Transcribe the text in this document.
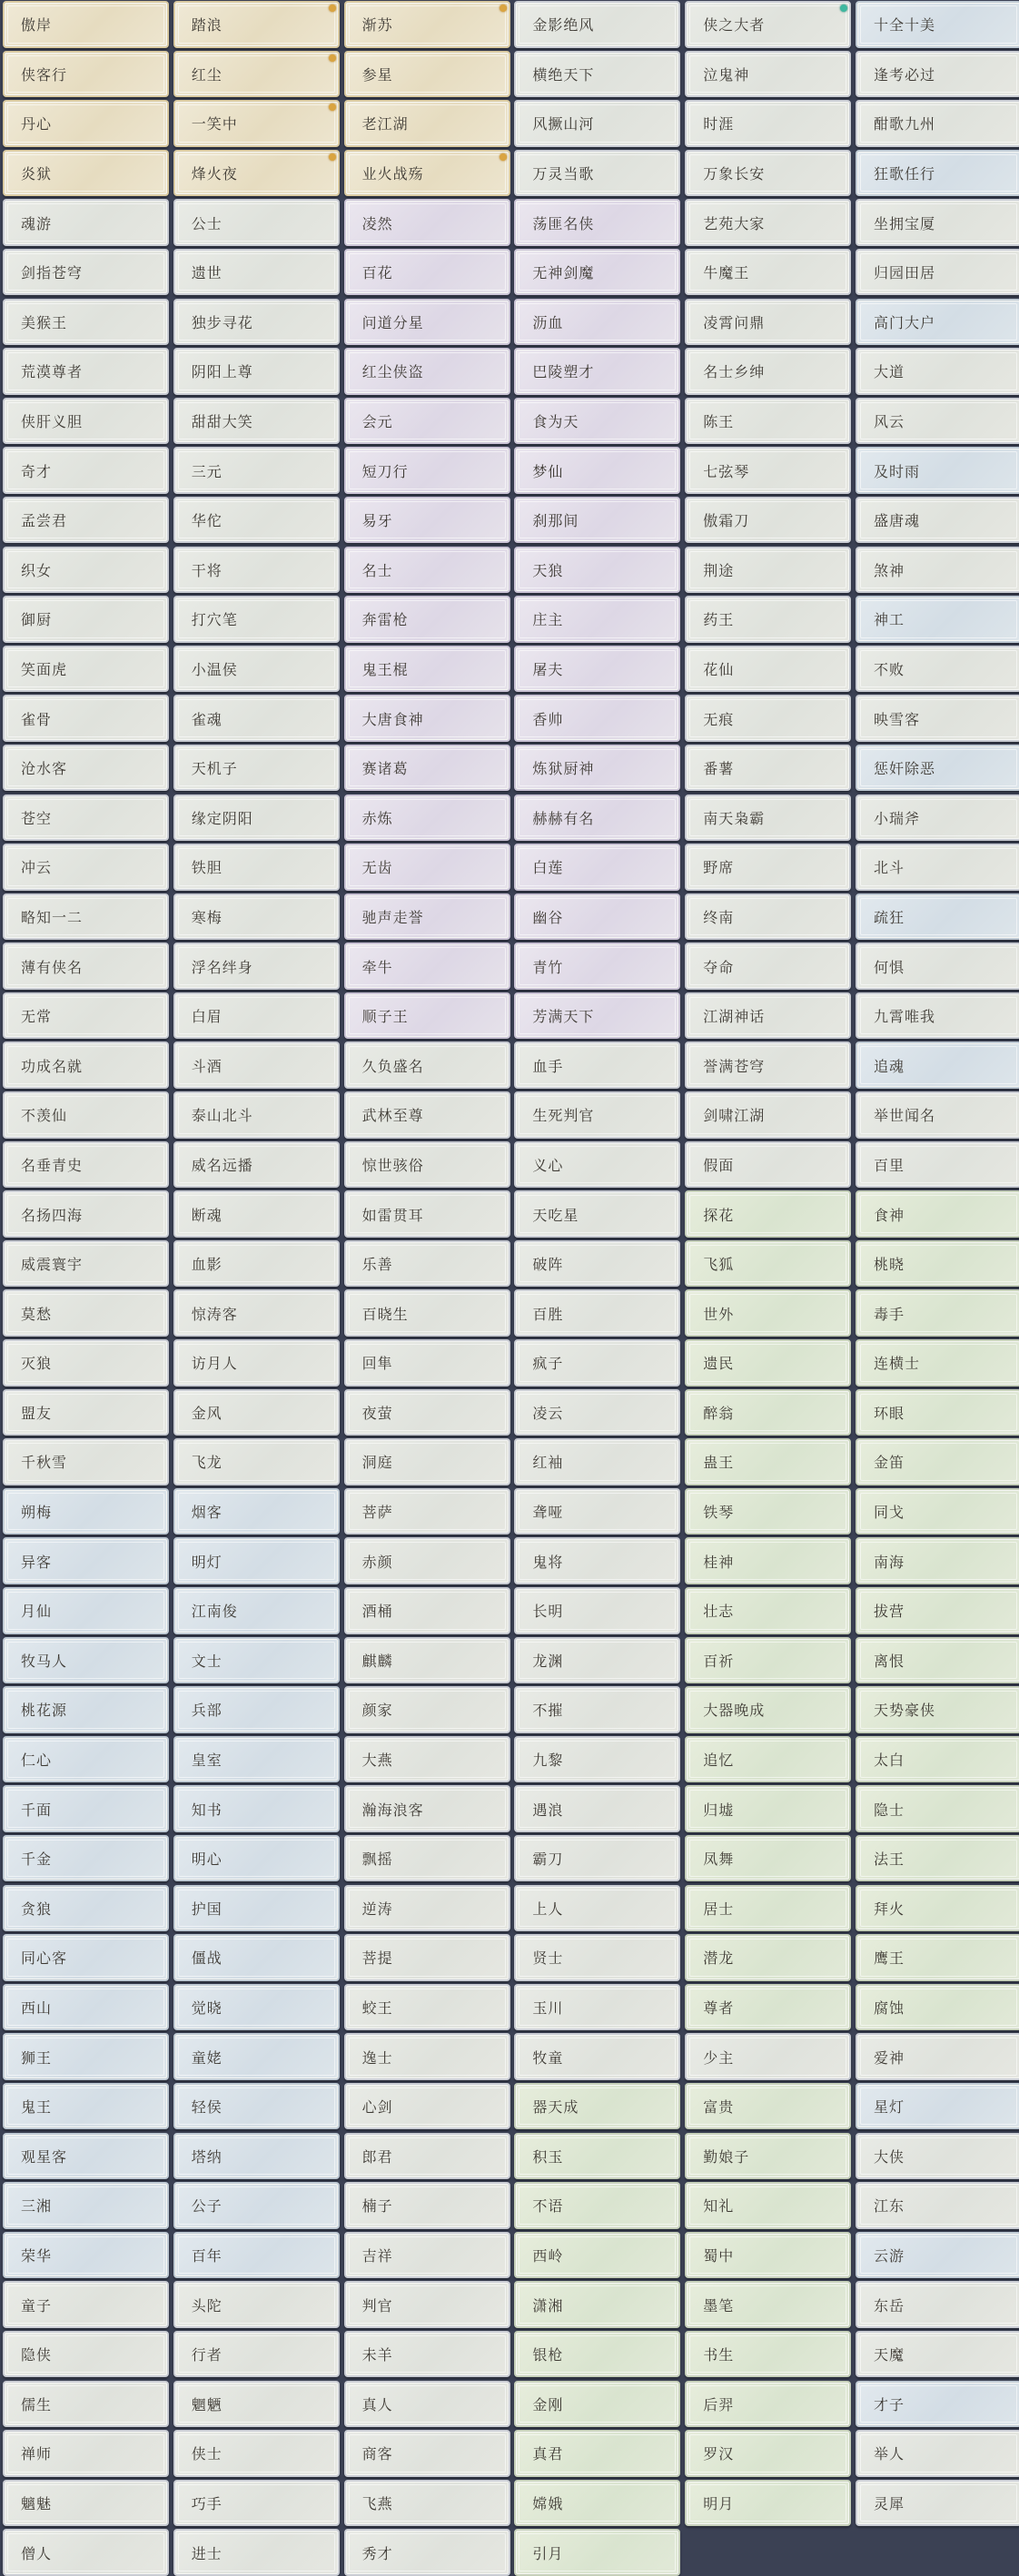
傲岸	踏浪	渐苏	金影绝风	侠之大者	十全十美
侠客行	红尘	参星	横绝天下	泣鬼神	逢考必过
丹心	一笑中	老江湖	风撅山河	时涯	酣歌九州
炎狱	烽火夜	业火战殇	万灵当歌	万象长安	狂歌任行
魂游	公士	凌然	荡匪名侠	艺苑大家	坐拥宝厦
剑指苍穹	遗世	百花	无神剑魔	牛魔王	归园田居
美猴王	独步寻花	问道分星	沥血	凌霄问鼎	高门大户
荒漠尊者	阴阳上尊	红尘侠盗	巴陵塑才	名士乡绅	大道
侠肝义胆	甜甜大笑	会元	食为天	陈王	风云
奇才	三元	短刀行	梦仙	七弦琴	及时雨
孟尝君	华佗	易牙	刹那间	傲霜刀	盛唐魂
织女	干将	名士	天狼	荆途	煞神
御厨	打穴笔	奔雷枪	庄主	药王	神工
笑面虎	小温侯	鬼王棍	屠夫	花仙	不败
雀骨	雀魂	大唐食神	香帅	无痕	映雪客
沧水客	天机子	赛诸葛	炼狱厨神	番薯	惩奸除恶
苍空	缘定阴阳	赤炼	赫赫有名	南天枭霸	小瑞斧
冲云	铁胆	无齿	白莲	野席	北斗
略知一二	寒梅	驰声走誉	幽谷	终南	疏狂
薄有侠名	浮名绊身	牵牛	青竹	夺命	何惧
无常	白眉	顺子王	芳满天下	江湖神话	九霄唯我
功成名就	斗酒	久负盛名	血手	誉满苍穹	追魂
不羡仙	泰山北斗	武林至尊	生死判官	剑啸江湖	举世闻名
名垂青史	威名远播	惊世骇俗	义心	假面	百里
名扬四海	断魂	如雷贯耳	天吃星	探花	食神
威震寰宇	血影	乐善	破阵	飞狐	桃晓
莫愁	惊涛客	百晓生	百胜	世外	毒手
灭狼	访月人	回隼	疯子	遗民	连横士
盟友	金风	夜萤	凌云	醉翁	环眼
千秋雪	飞龙	洞庭	红袖	蛊王	金笛
朔梅	烟客	菩萨	聋哑	铁琴	同戈
异客	明灯	赤颜	鬼将	桂神	南海
月仙	江南俊	酒桶	长明	壮志	拔营
牧马人	文士	麒麟	龙渊	百祈	离恨
桃花源	兵部	颜家	不摧	大器晚成	天势豪侠
仁心	皇室	大燕	九黎	追忆	太白
千面	知书	瀚海浪客	遇浪	归墟	隐士
千金	明心	飘摇	霸刀	凤舞	法王
贪狼	护国	逆涛	上人	居士	拜火
同心客	僵战	菩提	贤士	潜龙	鹰王
西山	觉晓	蛟王	玉川	尊者	腐蚀
狮王	童姥	逸士	牧童	少主	爱神
鬼王	轻侯	心剑	器天成	富贵	星灯
观星客	塔纳	郎君	积玉	勤娘子	大侠
三湘	公子	楠子	不语	知礼	江东
荣华	百年	吉祥	西岭	蜀中	云游
童子	头陀	判官	潇湘	墨笔	东岳
隐侠	行者	未羊	银枪	书生	天魔
儒生	魍魉	真人	金刚	后羿	才子
禅师	侠士	商客	真君	罗汉	举人
魑魅	巧手	飞燕	嫦娥	明月	灵犀
僧人	进士	秀才	引月
